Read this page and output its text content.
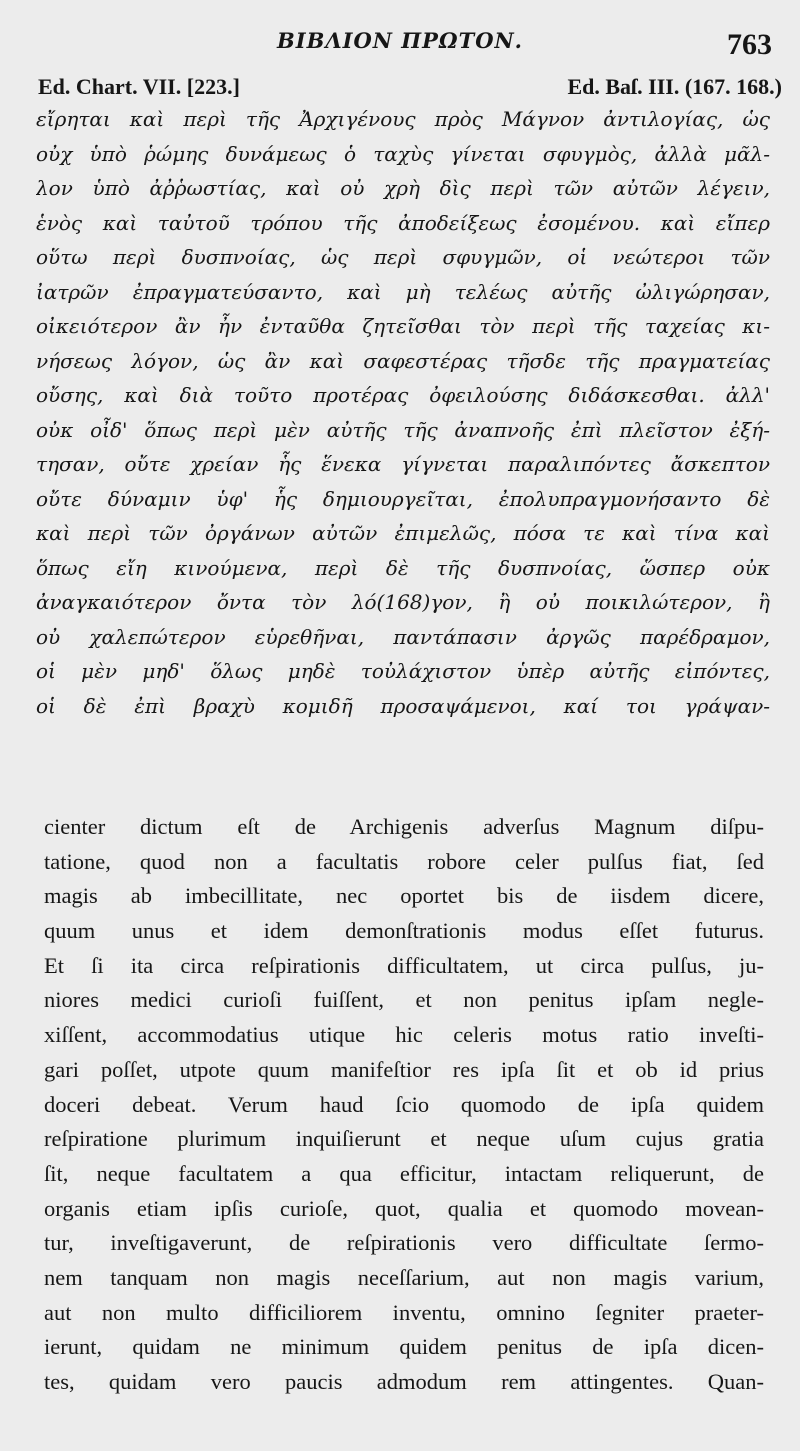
ΒΙΒΛΙΟΝ ΠΡΩΤΟΝ.	763
Ed. Chart. VII. [223.]	Ed. Baſ. III. (167. 168.)
εἴρηται καὶ περὶ τῆς Ἀρχιγένους πρὸς Μάγνον ἀντιλογίας, ὡς
οὐχ ὑπὸ ῥώμης δυνάμεως ὁ ταχὺς γίνεται σφυγμὸς, ἀλλὰ μᾶλ-
λον ὑπὸ ἀῤῥωστίας, καὶ οὐ χρὴ δὶς περὶ τῶν αὐτῶν λέγειν,
ἑνὸς καὶ ταὐτοῦ τρόπου τῆς ἀποδείξεως ἐσομένου. καὶ εἴπερ
οὕτω περὶ δυσπνοίας, ὡς περὶ σφυγμῶν, οἱ νεώτεροι τῶν
ἰατρῶν ἐπραγματεύσαντο, καὶ μὴ τελέως αὐτῆς ὠλιγώρησαν,
οἰκειότερον ἂν ἦν ἐνταῦθα ζητεῖσθαι τὸν περὶ τῆς ταχείας κι-
νήσεως λόγον, ὡς ἂν καὶ σαφεστέρας τῆσδε τῆς πραγματείας
οὔσης, καὶ διὰ τοῦτο προτέρας ὀφειλούσης διδάσκεσθαι. ἀλλ'
οὐκ οἶδ' ὅπως περὶ μὲν αὐτῆς τῆς ἀναπνοῆς ἐπὶ πλεῖστον ἐξή-
τησαν, οὔτε χρείαν ἧς ἕνεκα γίγνεται παραλιπόντες ἄσκεπτον
οὔτε δύναμιν ὑφ' ἧς δημιουργεῖται, ἐπολυπραγμονήσαντο δὲ
καὶ περὶ τῶν ὀργάνων αὐτῶν ἐπιμελῶς, πόσα τε καὶ τίνα καὶ
ὅπως εἴη κινούμενα, περὶ δὲ τῆς δυσπνοίας, ὥσπερ οὐκ
ἀναγκαιότερον ὄντα τὸν λό(168)γον, ἢ οὐ ποικιλώτερον, ἢ
οὐ χαλεπώτερον εὑρεθῆναι, παντάπασιν ἀργῶς παρέδραμον,
οἱ μὲν μηδ' ὅλως μηδὲ τοὐλάχιστον ὑπὲρ αὐτῆς εἰπόντες,
οἱ δὲ ἐπὶ βραχὺ κομιδῆ προσαψάμενοι, καί τοι γράψαν-
cienter dictum eſt de Archigenis adverſus Magnum diſpu-
tatione, quod non a facultatis robore celer pulſus fiat, ſed
magis ab imbecillitate, nec oportet bis de iisdem dicere,
quum unus et idem demonſtrationis modus eſſet futurus.
Et ſi ita circa reſpirationis difficultatem, ut circa pulſus, ju-
niores medici curioſi fuiſſent, et non penitus ipſam negle-
xiſſent, accommodatius utique hic celeris motus ratio inveſti-
gari poſſet, utpote quum manifeſtior res ipſa ſit et ob id prius
doceri debeat. Verum haud ſcio quomodo de ipſa quidem
reſpiratione plurimum inquiſierunt et neque uſum cujus gratia
ſit, neque facultatem a qua efficitur, intactam reliquerunt, de
organis etiam ipſis curioſe, quot, qualia et quomodo movean-
tur, inveſtigaverunt, de reſpirationis vero difficultate ſermo-
nem tanquam non magis neceſſarium, aut non magis varium,
aut non multo difficiliorem inventu, omnino ſegniter praeter-
ierunt, quidam ne minimum quidem penitus de ipſa dicen-
tes, quidam vero paucis admodum rem attingentes. Quan-
